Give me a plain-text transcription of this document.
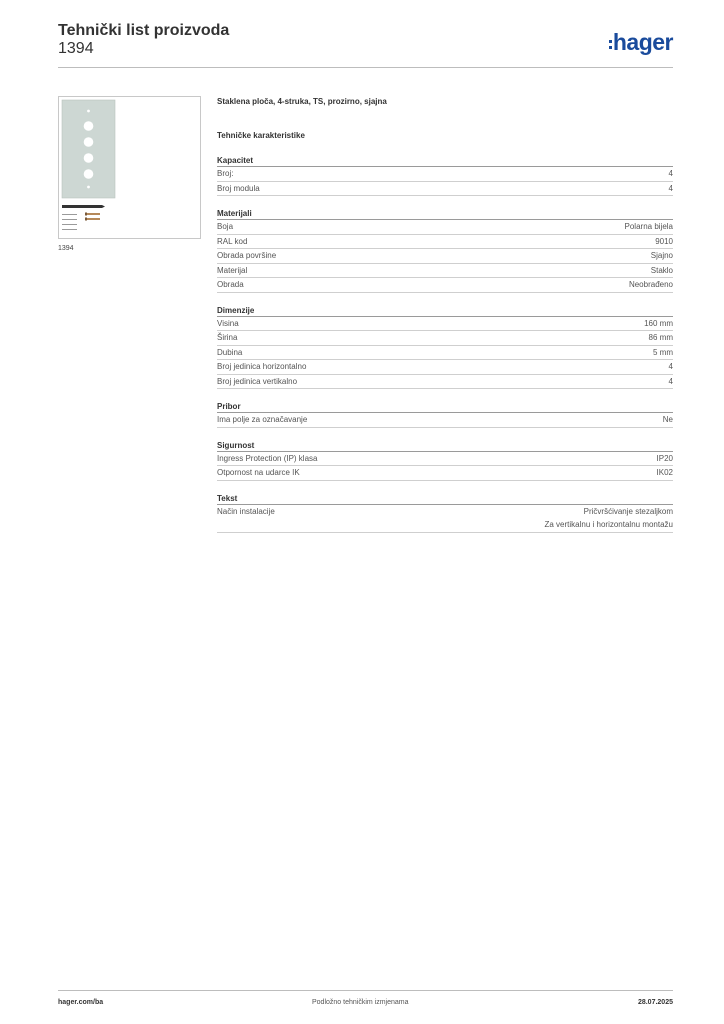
Tehnički list proizvoda
1394	hager
1394
Staklena ploča, 4-struka, TS, prozirno, sjajna
Tehničke karakteristike
Kapacitet
Broj:	4
Broj modula	4
Materijali
Boja	Polarna bijela
RAL kod	9010
Obrada površine	Sjajno
Materijal	Staklo
Obrada	Neobrađeno
Dimenzije
Visina	160 mm
Širina	86 mm
Dubina	5 mm
Broj jedinica horizontalno	4
Broj jedinica vertikalno	4
Pribor
Ima polje za označavanje	Ne
Sigurnost
Ingress Protection (IP) klasa	IP20
Otpornost na udarce IK	IK02
Tekst
Način instalacije	Pričvršćivanje stezaljkom
Za vertikalnu i horizontalnu montažu
hager.com/ba	Podložno tehničkim izmjenama	28.07.2025
